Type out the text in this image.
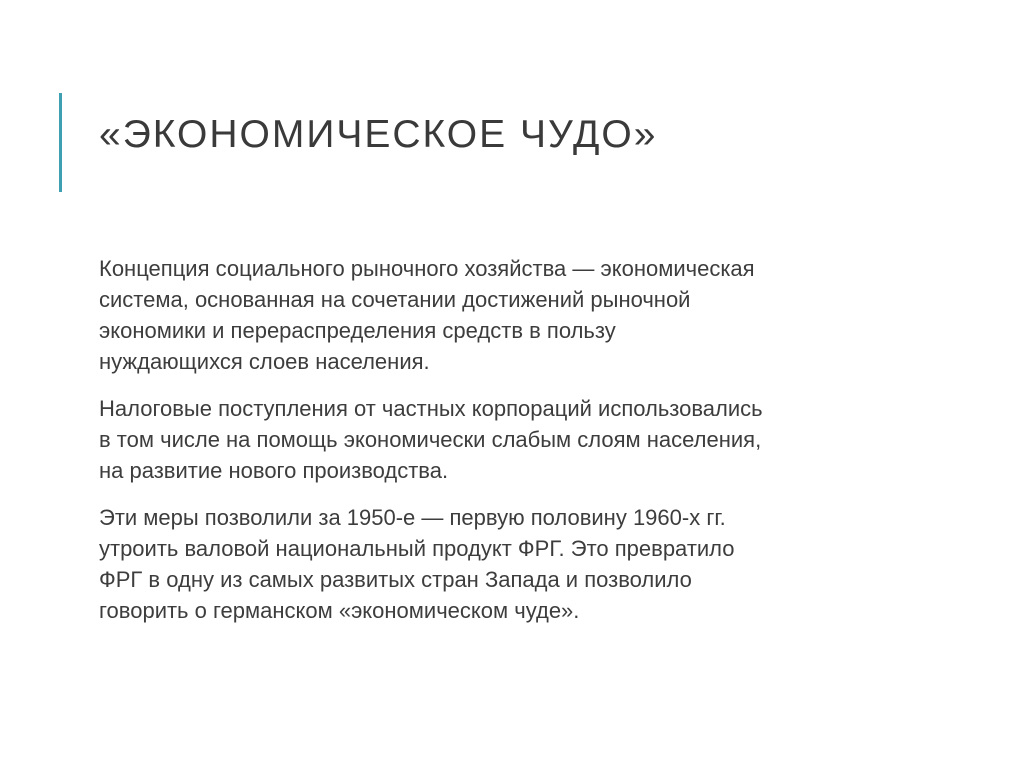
«ЭКОНОМИЧЕСКОЕ ЧУДО»

Концепция социального рыночного хозяйства — экономическая
система, основанная на сочетании достижений рыночной
экономики и перераспределения средств в пользу
нуждающихся слоев населения.

Налоговые поступления от частных корпораций использовались
в том числе на помощь экономически слабым слоям населения,
на развитие нового производства.

Эти меры позволили за 1950-е — первую половину 1960-х гг.
утроить валовой национальный продукт ФРГ. Это превратило
ФРГ в одну из самых развитых стран Запада и позволило
говорить о германском «экономическом чуде».
